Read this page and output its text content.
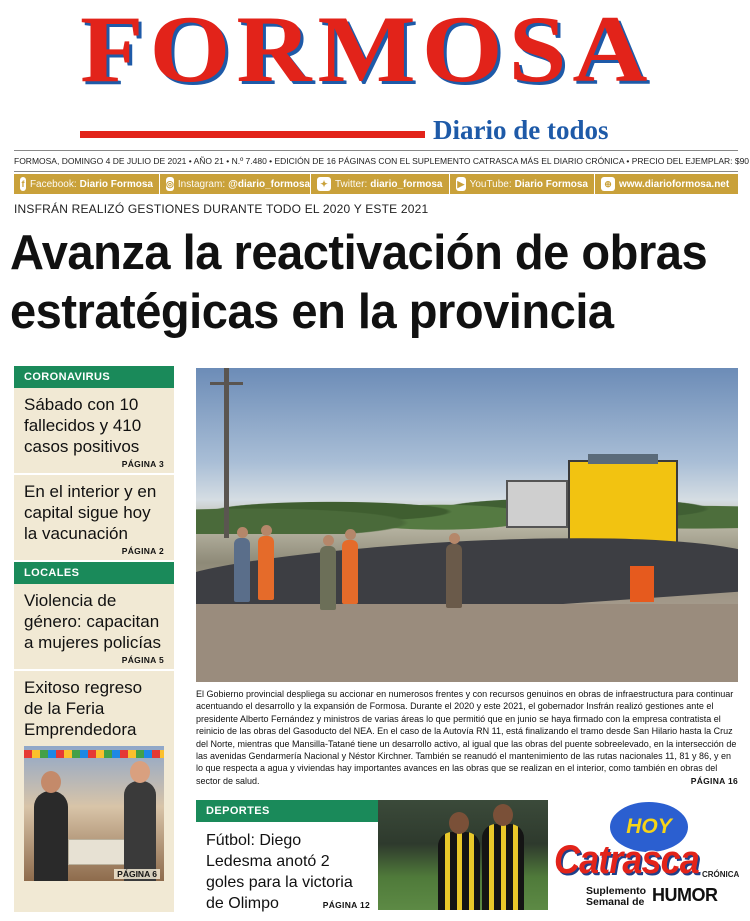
FORMOSA
Diario de todos
FORMOSA, DOMINGO 4 DE JULIO DE 2021 • AÑO 21 • N.º 7.480 • EDICIÓN DE 16 PÁGINAS CON EL SUPLEMENTO CATRASCA MÁS EL DIARIO CRÓNICA • PRECIO DEL EJEMPLAR: $90
f Facebook: Diario Formosa ◎ Instagram: @diario_formosa	✦ Twitter: diario_formosa ▶ YouTube: Diario Formosa	⊕ www.diarioformosa.net
INSFRÁN REALIZÓ GESTIONES DURANTE TODO EL 2020 Y ESTE 2021
Avanza la reactivación de obras estratégicas en la provincia
CORONAVIRUS
Sábado con 10 fallecidos y 410 casos positivos
PÁGINA 3
En el interior y en capital sigue hoy la vacunación
PÁGINA 2
LOCALES
Violencia de género: capacitan a mujeres policías
PÁGINA 5
Exitoso regreso de la Feria Emprendedora
PÁGINA 6

El Gobierno provincial despliega su accionar en numerosos frentes y con recursos genuinos en obras de infraestructura para continuar acentuando el desarrollo y la expansión de Formosa. Durante el 2020 y este 2021, el gobernador Insfrán realizó gestiones ante el presidente Alberto Fernández y ministros de varias áreas lo que permitió que en junio se haya firmado con la empresa contratista el reinicio de las obras del Gasoducto del NEA. En el caso de la Autovía RN 11, está finalizando el tramo desde San Hilario hasta la Cruz del Norte, mientras que Mansilla-Tatané tiene un desarrollo activo, al igual que las obras del puente sobreelevado, en la intersección de las avenidas Gendarmería Nacional y Néstor Kirchner. También se reanudó el mantenimiento de las rutas nacionales 11, 81 y 86, y en lo que respecta a agua y viviendas hay importantes avances en las obras que se realizan en el interior, como también en obras del sector de salud.	PÁGINA 16
DEPORTES
Fútbol: Diego Ledesma anotó 2 goles para la victoria de Olimpo	PÁGINA 12
HOY
Catrasca CRÓNICA
Suplemento
Semanal de HUMOR
